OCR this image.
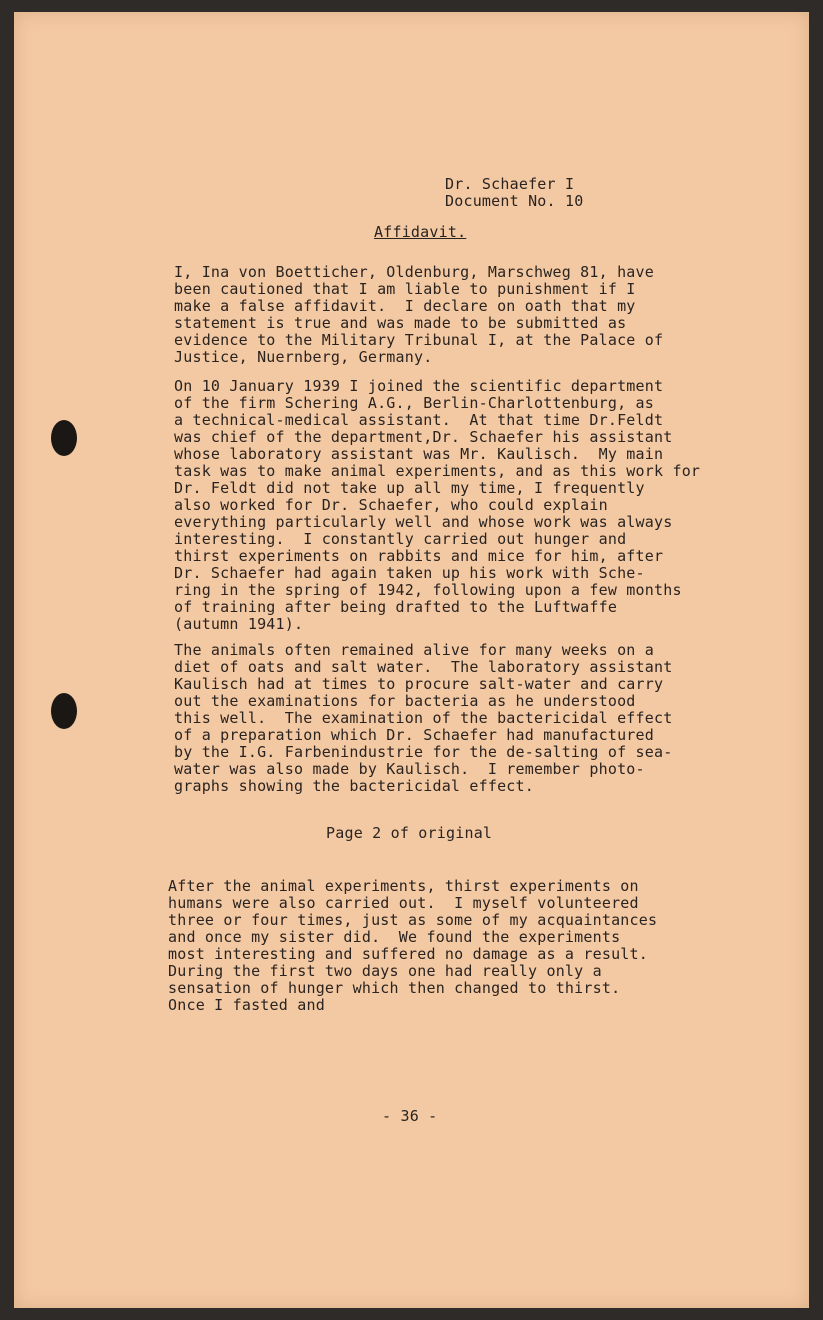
Dr. Schaefer I
Document No. 10
Affidavit.
I, Ina von Boetticher, Oldenburg, Marschweg 81, have
been cautioned that I am liable to punishment if I
make a false affidavit.  I declare on oath that my
statement is true and was made to be submitted as
evidence to the Military Tribunal I, at the Palace of
Justice, Nuernberg, Germany.
On 10 January 1939 I joined the scientific department
of the firm Schering A.G., Berlin-Charlottenburg, as
a technical-medical assistant.  At that time Dr.Feldt
was chief of the department,Dr. Schaefer his assistant
whose laboratory assistant was Mr. Kaulisch.  My main
task was to make animal experiments, and as this work for
Dr. Feldt did not take up all my time, I frequently
also worked for Dr. Schaefer, who could explain
everything particularly well and whose work was always
interesting.  I constantly carried out hunger and
thirst experiments on rabbits and mice for him, after
Dr. Schaefer had again taken up his work with Sche-
ring in the spring of 1942, following upon a few months
of training after being drafted to the Luftwaffe
(autumn 1941).
The animals often remained alive for many weeks on a
diet of oats and salt water.  The laboratory assistant
Kaulisch had at times to procure salt-water and carry
out the examinations for bacteria as he understood
this well.  The examination of the bactericidal effect
of a preparation which Dr. Schaefer had manufactured
by the I.G. Farbenindustrie for the de-salting of sea-
water was also made by Kaulisch.  I remember photo-
graphs showing the bactericidal effect.
Page 2 of original
After the animal experiments, thirst experiments on
humans were also carried out.  I myself volunteered
three or four times, just as some of my acquaintances
and once my sister did.  We found the experiments
most interesting and suffered no damage as a result.
During the first two days one had really only a
sensation of hunger which then changed to thirst.
Once I fasted and
- 36 -
